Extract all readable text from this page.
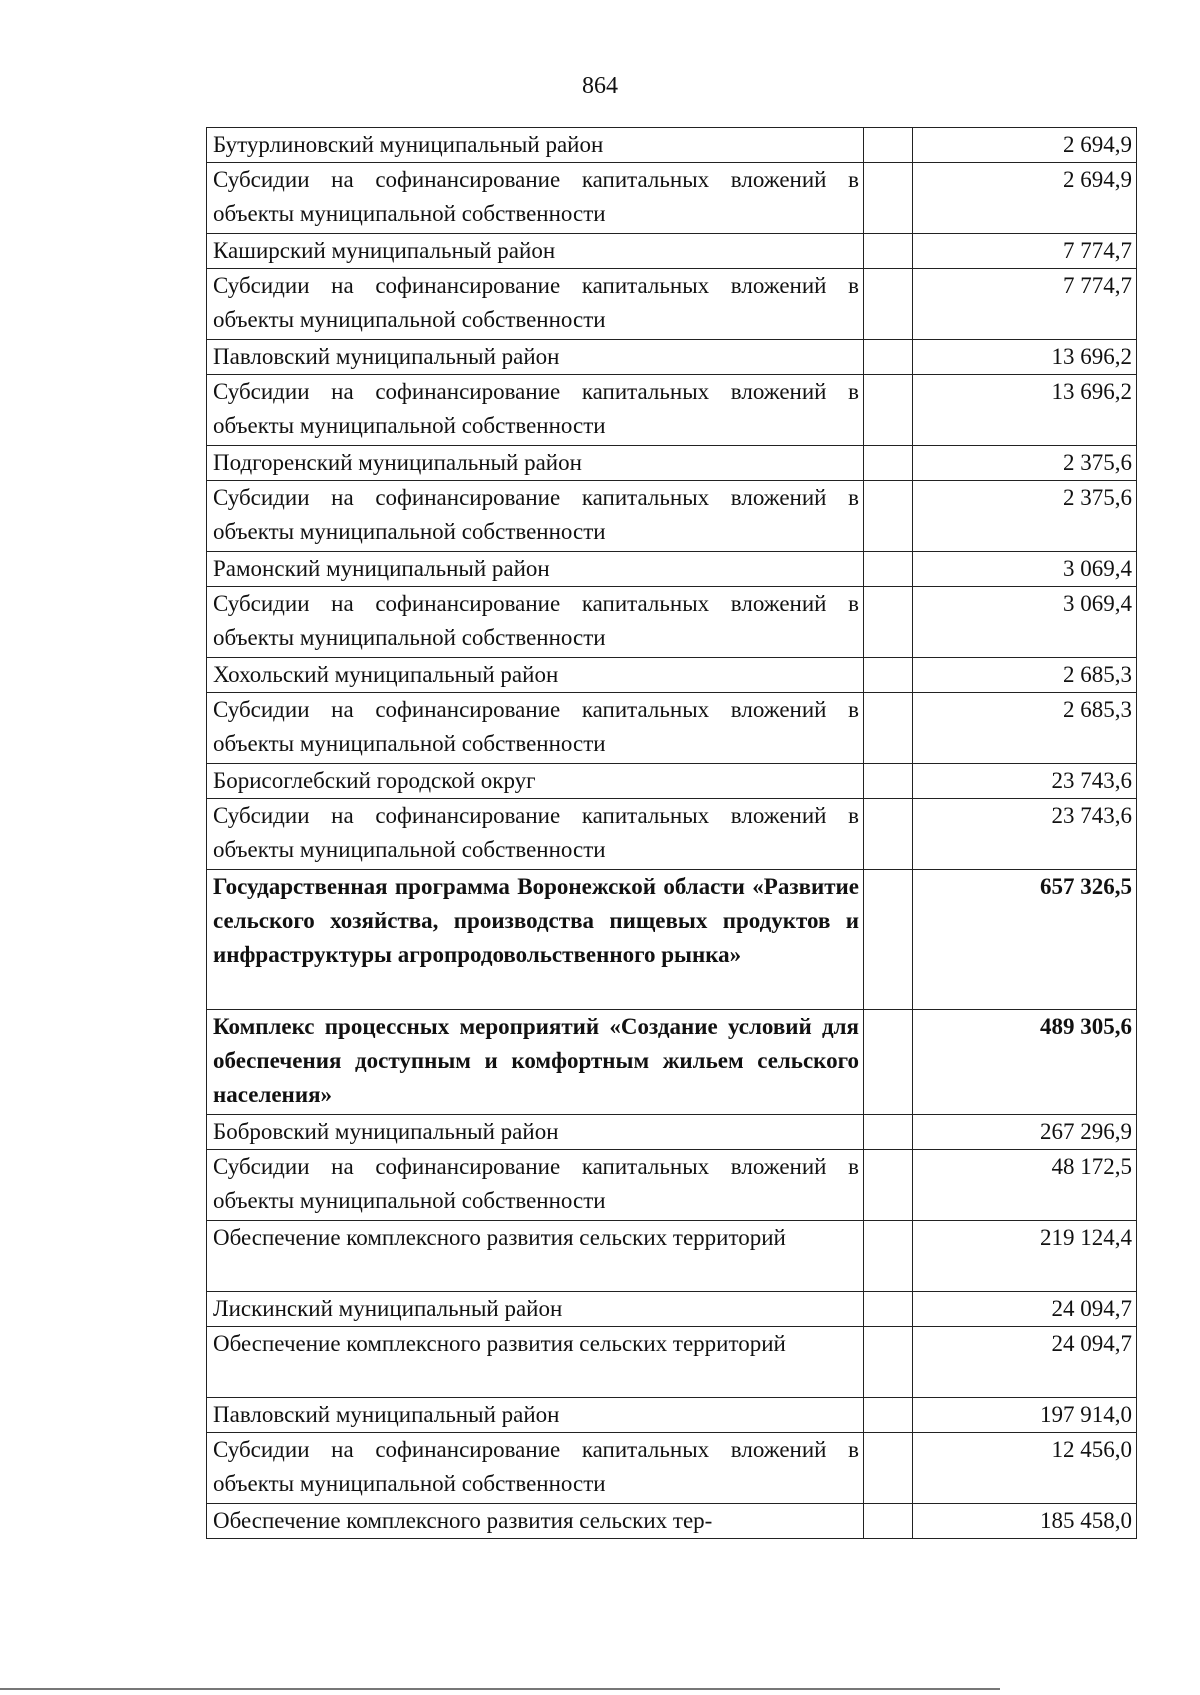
864
Бутурлиновский муниципальный район		2 694,9

Субсидии на софинансирование капитальных вложений в объекты муниципальной собственности		2 694,9

Каширский муниципальный район		7 774,7

Субсидии на софинансирование капитальных вложений в объекты муниципальной собственности		7 774,7

Павловский муниципальный район		13 696,2

Субсидии на софинансирование капитальных вложений в объекты муниципальной собственности		13 696,2

Подгоренский муниципальный район		2 375,6

Субсидии на софинансирование капитальных вложений в объекты муниципальной собственности		2 375,6

Рамонский муниципальный район		3 069,4

Субсидии на софинансирование капитальных вложений в объекты муниципальной собственности		3 069,4

Хохольский муниципальный район		2 685,3

Субсидии на софинансирование капитальных вложений в объекты муниципальной собственности		2 685,3

Борисоглебский городской округ		23 743,6

Субсидии на софинансирование капитальных вложений в объекты муниципальной собственности		23 743,6

Государственная программа Воронежской области «Развитие сельского хозяйства, производства пищевых продуктов и инфраструктуры агропродовольственного рынка»		657 326,5

Комплекс процессных мероприятий «Создание условий для обеспечения доступным и комфортным жильем сельского населения»		489 305,6

Бобровский муниципальный район		267 296,9

Субсидии на софинансирование капитальных вложений в объекты муниципальной собственности		48 172,5

Обеспечение комплексного развития сельских территорий		219 124,4

Лискинский муниципальный район		24 094,7

Обеспечение комплексного развития сельских территорий		24 094,7

Павловский муниципальный район		197 914,0

Субсидии на софинансирование капитальных вложений в объекты муниципальной собственности		12 456,0

Обеспечение комплексного развития сельских тер-		185 458,0
